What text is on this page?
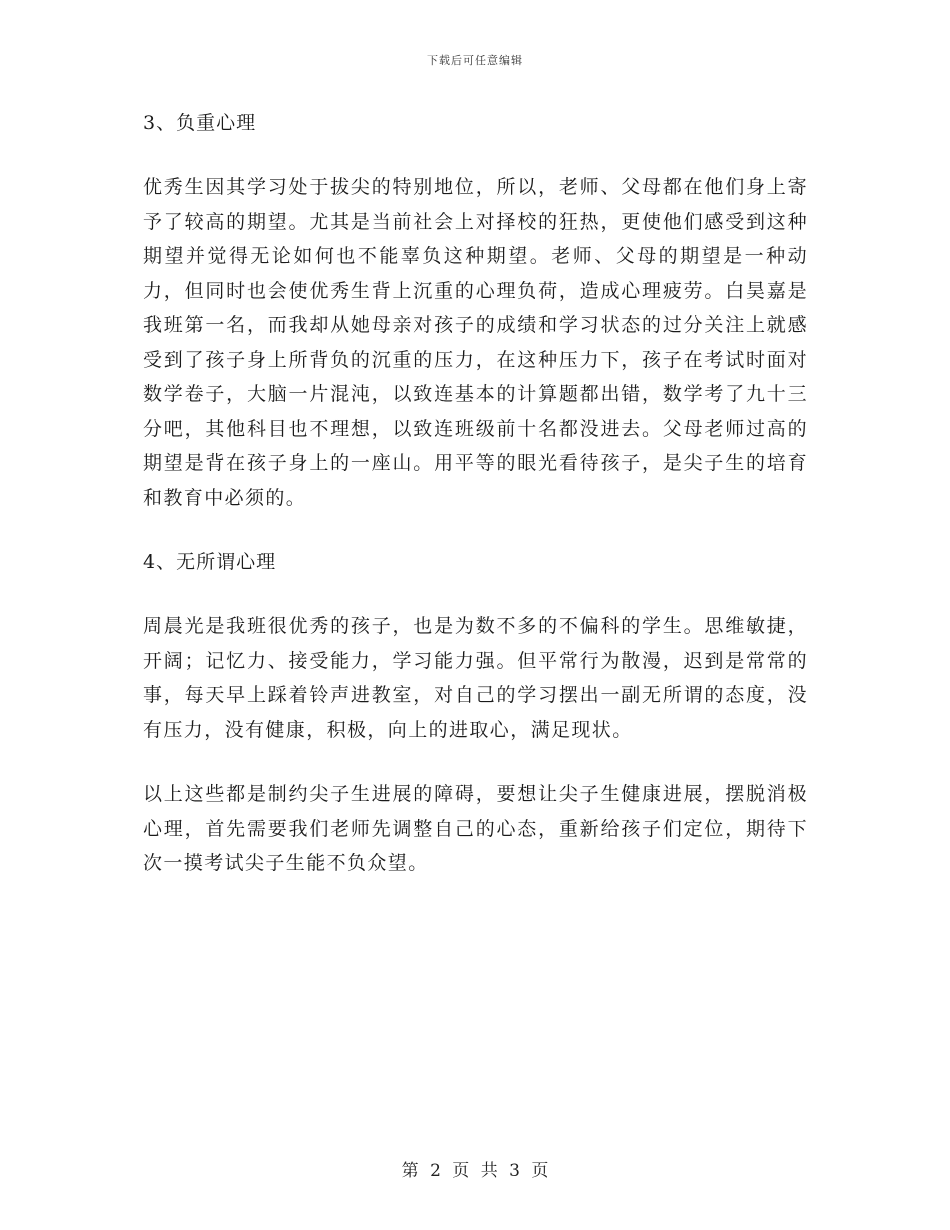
下载后可任意编辑
3、负重心理
优秀生因其学习处于拔尖的特别地位，所以，老师、父母都在他们身上寄予了较高的期望。尤其是当前社会上对择校的狂热，更使他们感受到这种期望并觉得无论如何也不能辜负这种期望。老师、父母的期望是一种动力，但同时也会使优秀生背上沉重的心理负荷，造成心理疲劳。白昊嘉是我班第一名，而我却从她母亲对孩子的成绩和学习状态的过分关注上就感受到了孩子身上所背负的沉重的压力，在这种压力下，孩子在考试时面对数学卷子，大脑一片混沌，以致连基本的计算题都出错，数学考了九十三分吧，其他科目也不理想，以致连班级前十名都没进去。父母老师过高的期望是背在孩子身上的一座山。用平等的眼光看待孩子，是尖子生的培育和教育中必须的。
4、无所谓心理
周晨光是我班很优秀的孩子，也是为数不多的不偏科的学生。思维敏捷，开阔；记忆力、接受能力，学习能力强。但平常行为散漫，迟到是常常的事，每天早上踩着铃声进教室，对自己的学习摆出一副无所谓的态度，没有压力，没有健康，积极，向上的进取心，满足现状。
以上这些都是制约尖子生进展的障碍，要想让尖子生健康进展，摆脱消极心理，首先需要我们老师先调整自己的心态，重新给孩子们定位，期待下次一摸考试尖子生能不负众望。
第 2 页 共 3 页
